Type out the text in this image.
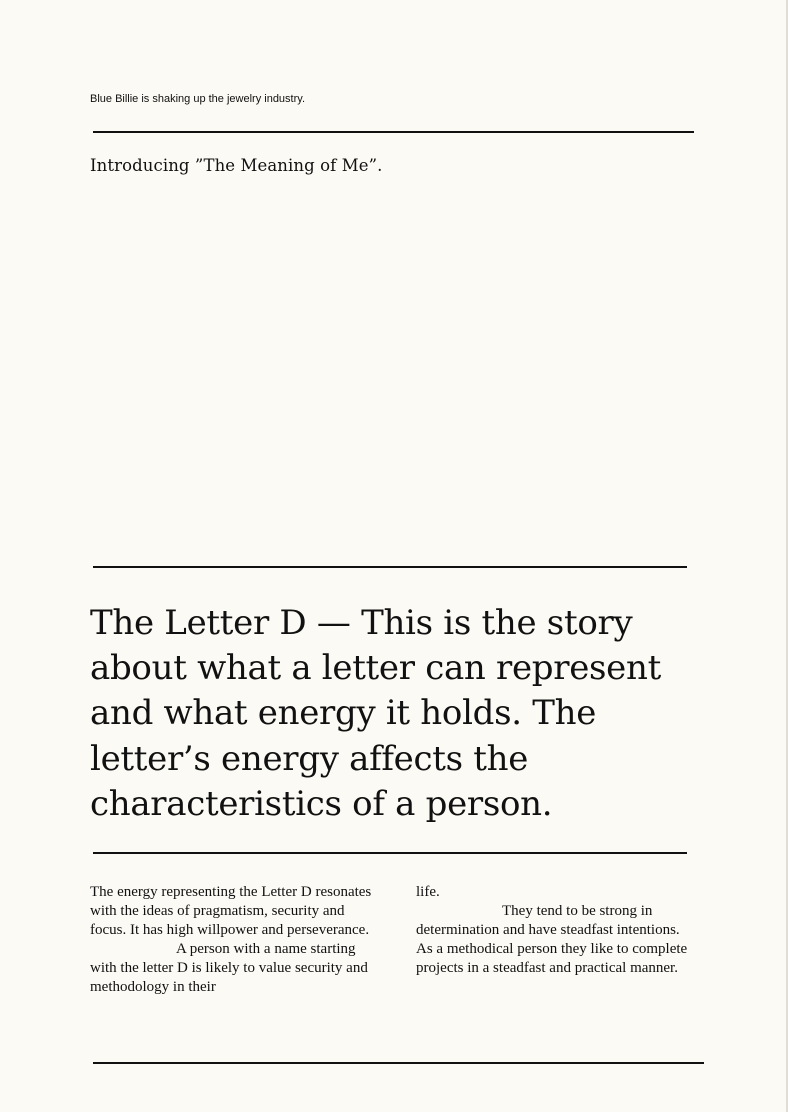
Blue Billie is shaking up the jewelry industry.
Introducing ”The Meaning of Me”.
The Letter D — This is the story about what a letter can represent and what energy it holds. The letter’s energy affects the characteristics of a person.

The energy representing the Letter D resonates with the ideas of pragmatism, security and focus. It has high willpower and perseverance.

A person with a name starting with the letter D is likely to value security and methodology in their

life.

They tend to be strong in determination and have steadfast intentions. As a methodical person they like to complete projects in a steadfast and practical manner.
